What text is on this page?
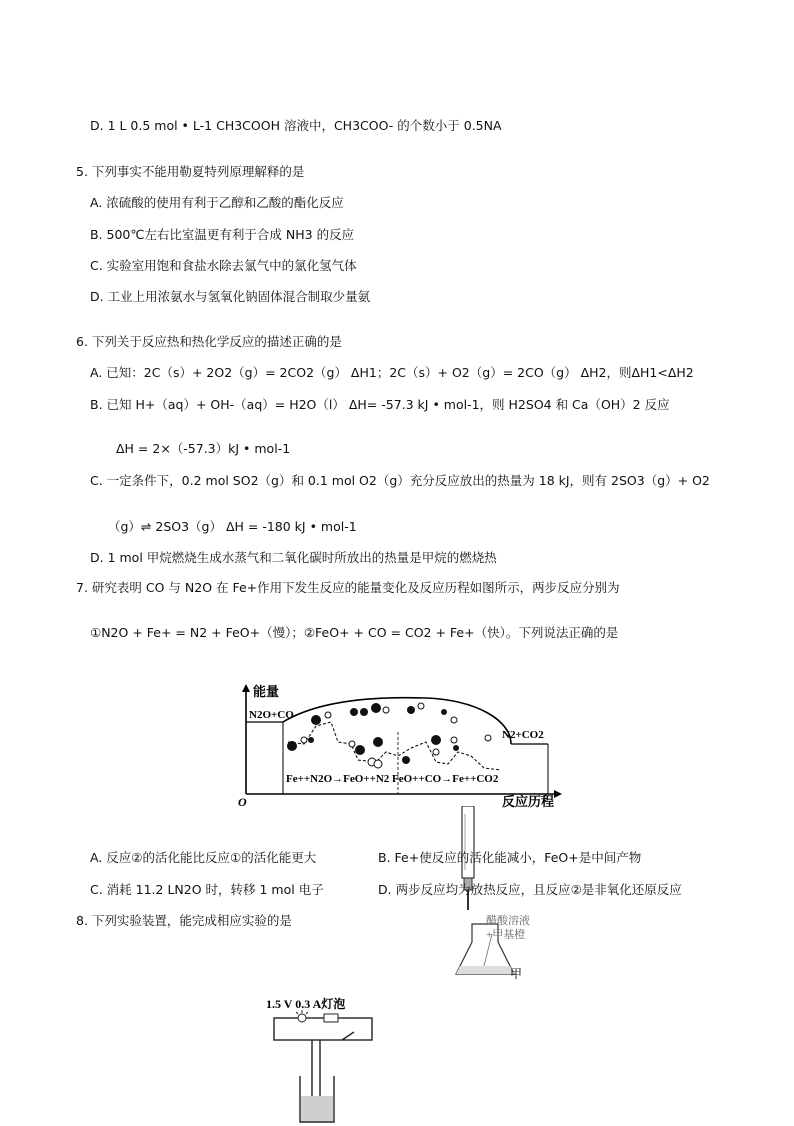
D. 1 L 0.5 mol • L-1 CH3COOH 溶液中，CH3COO- 的个数小于 0.5NA
5. 下列事实不能用勒夏特列原理解释的是
A. 浓硫酸的使用有利于乙醇和乙酸的酯化反应
B. 500℃左右比室温更有利于合成 NH3 的反应
C. 实验室用饱和食盐水除去氯气中的氯化氢气体
D. 工业上用浓氨水与氢氧化钠固体混合制取少量氨
6. 下列关于反应热和热化学反应的描述正确的是
A. 已知：2C（s）+ 2O2（g）= 2CO2（g） ΔH1；2C（s）+ O2（g）= 2CO（g） ΔH2，则ΔH1<ΔH2
B. 已知 H+（aq）+ OH-（aq）= H2O（l） ΔH= -57.3 kJ • mol-1，则 H2SO4 和 Ca（OH）2 反应
ΔH = 2×（-57.3）kJ • mol-1
C. 一定条件下，0.2 mol SO2（g）和 0.1 mol O2（g）充分反应放出的热量为 18 kJ，则有 2SO3（g）+ O2
（g）⇌ 2SO3（g） ΔH = -180 kJ • mol-1
D. 1 mol 甲烷燃烧生成水蒸气和二氧化碳时所放出的热量是甲烷的燃烧热
7. 研究表明 CO 与 N2O 在 Fe+作用下发生反应的能量变化及反应历程如图所示，两步反应分别为
①N2O + Fe+ = N2 + FeO+（慢）；②FeO+ + CO = CO2 + Fe+（快）。下列说法正确的是
能量
反应历程
O
N2O+CO
N2+CO2
Fe++N2O→FeO++N2 FeO++CO→Fe++CO2
醋酸溶液
+甲基橙
甲
A. 反应②的活化能比反应①的活化能更大	B. Fe+使反应的活化能减小，FeO+是中间产物
C. 消耗 11.2 LN2O 时，转移 1 mol 电子	D. 两步反应均为放热反应，且反应②是非氧化还原反应
8. 下列实验装置，能完成相应实验的是
1.5 V 0.3 A灯泡
